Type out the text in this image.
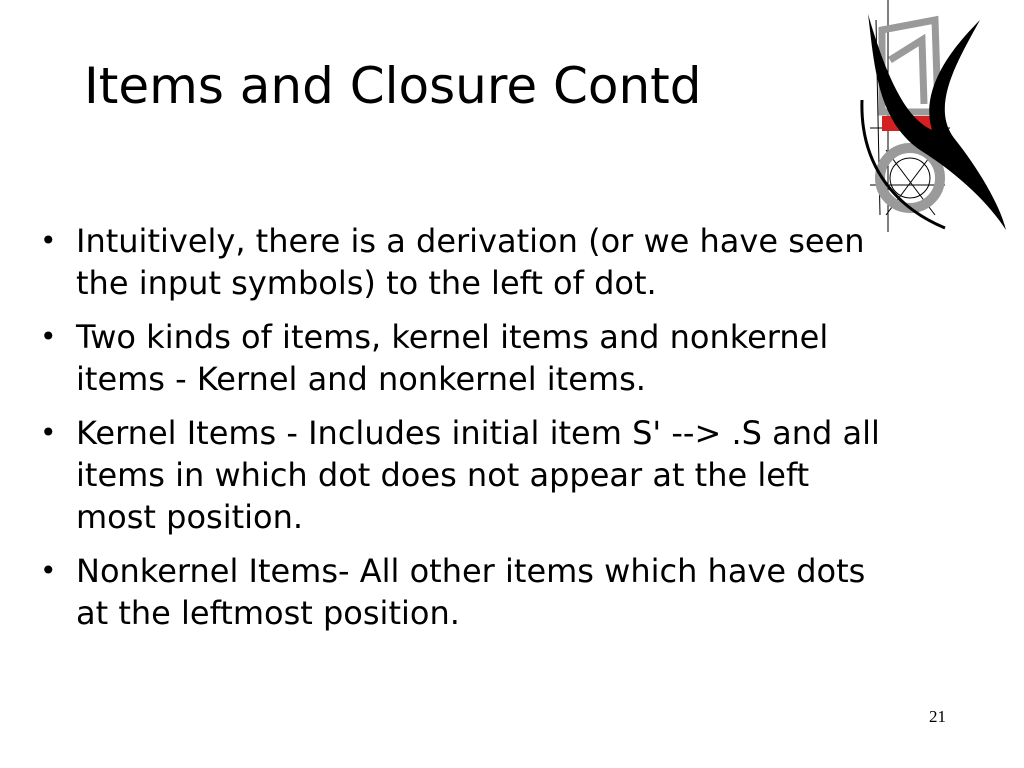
Items and Closure Contd
• Intuitively, there is a derivation (or we have seen the input symbols) to the left of dot.
• Two kinds of items, kernel items and nonkernel items - Kernel and nonkernel items.
• Kernel Items - Includes initial item S' --> .S and all items in which dot does not appear at the left most position.
• Nonkernel Items- All other items which have dots at the leftmost position.
21
